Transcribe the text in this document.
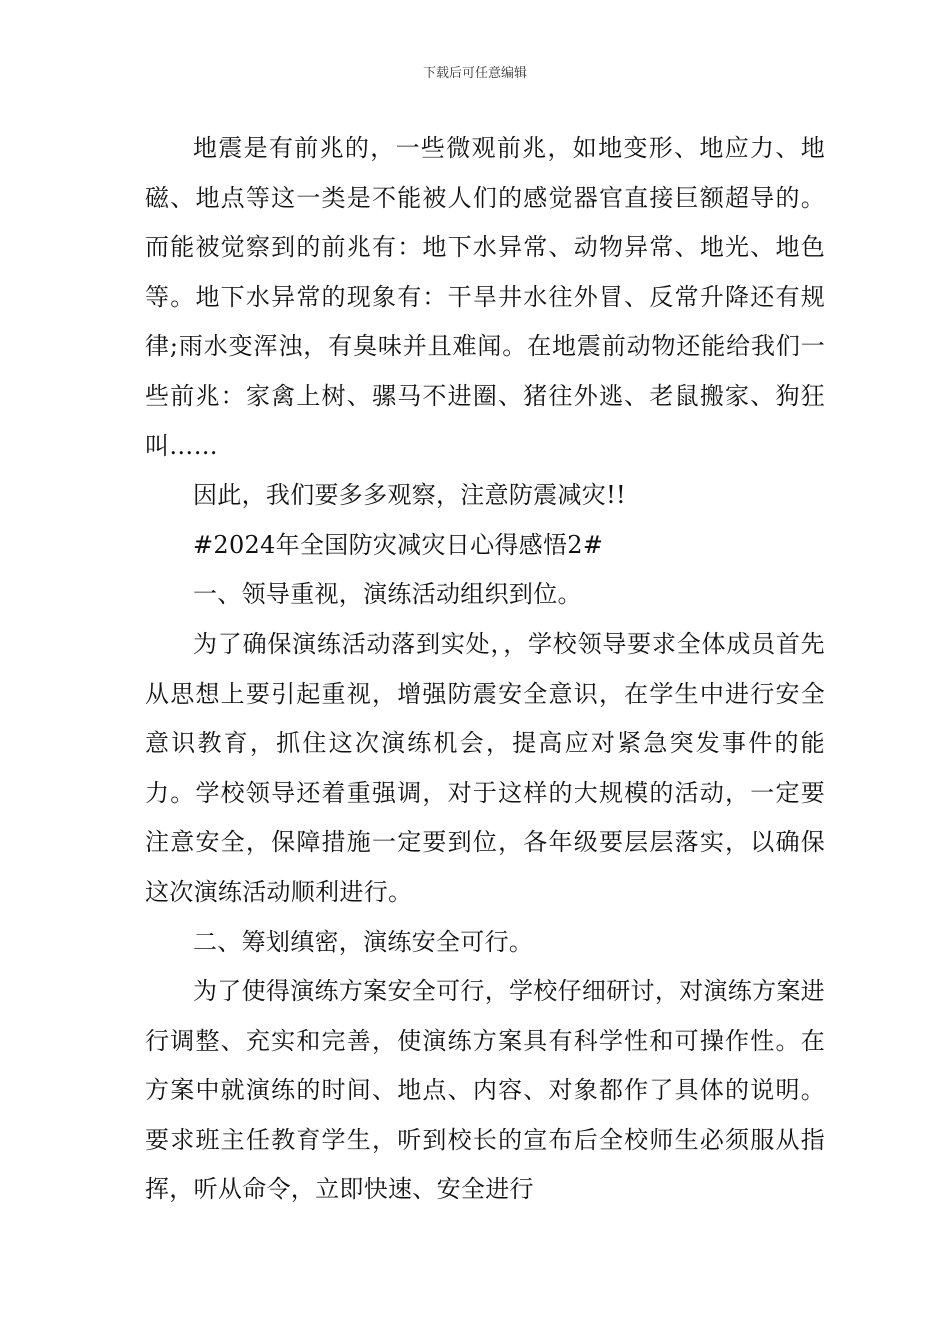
下载后可任意编辑

地震是有前兆的，一些微观前兆，如地变形、地应力、地磁、地点等这一类是不能被人们的感觉器官直接巨额超导的。而能被觉察到的前兆有：地下水异常、动物异常、地光、地色等。地下水异常的现象有：干旱井水往外冒、反常升降还有规律;雨水变浑浊，有臭味并且难闻。在地震前动物还能给我们一些前兆：家禽上树、骡马不进圈、猪往外逃、老鼠搬家、狗狂叫……

因此，我们要多多观察，注意防震减灾!!

#2024年全国防灾减灾日心得感悟2#

一、领导重视，演练活动组织到位。

为了确保演练活动落到实处，，学校领导要求全体成员首先从思想上要引起重视，增强防震安全意识，在学生中进行安全意识教育，抓住这次演练机会，提高应对紧急突发事件的能力。学校领导还着重强调，对于这样的大规模的活动，一定要注意安全，保障措施一定要到位，各年级要层层落实，以确保这次演练活动顺利进行。

二、筹划缜密，演练安全可行。

为了使得演练方案安全可行，学校仔细研讨，对演练方案进行调整、充实和完善，使演练方案具有科学性和可操作性。在方案中就演练的时间、地点、内容、对象都作了具体的说明。要求班主任教育学生，听到校长的宣布后全校师生必须服从指挥，听从命令，立即快速、安全进行
